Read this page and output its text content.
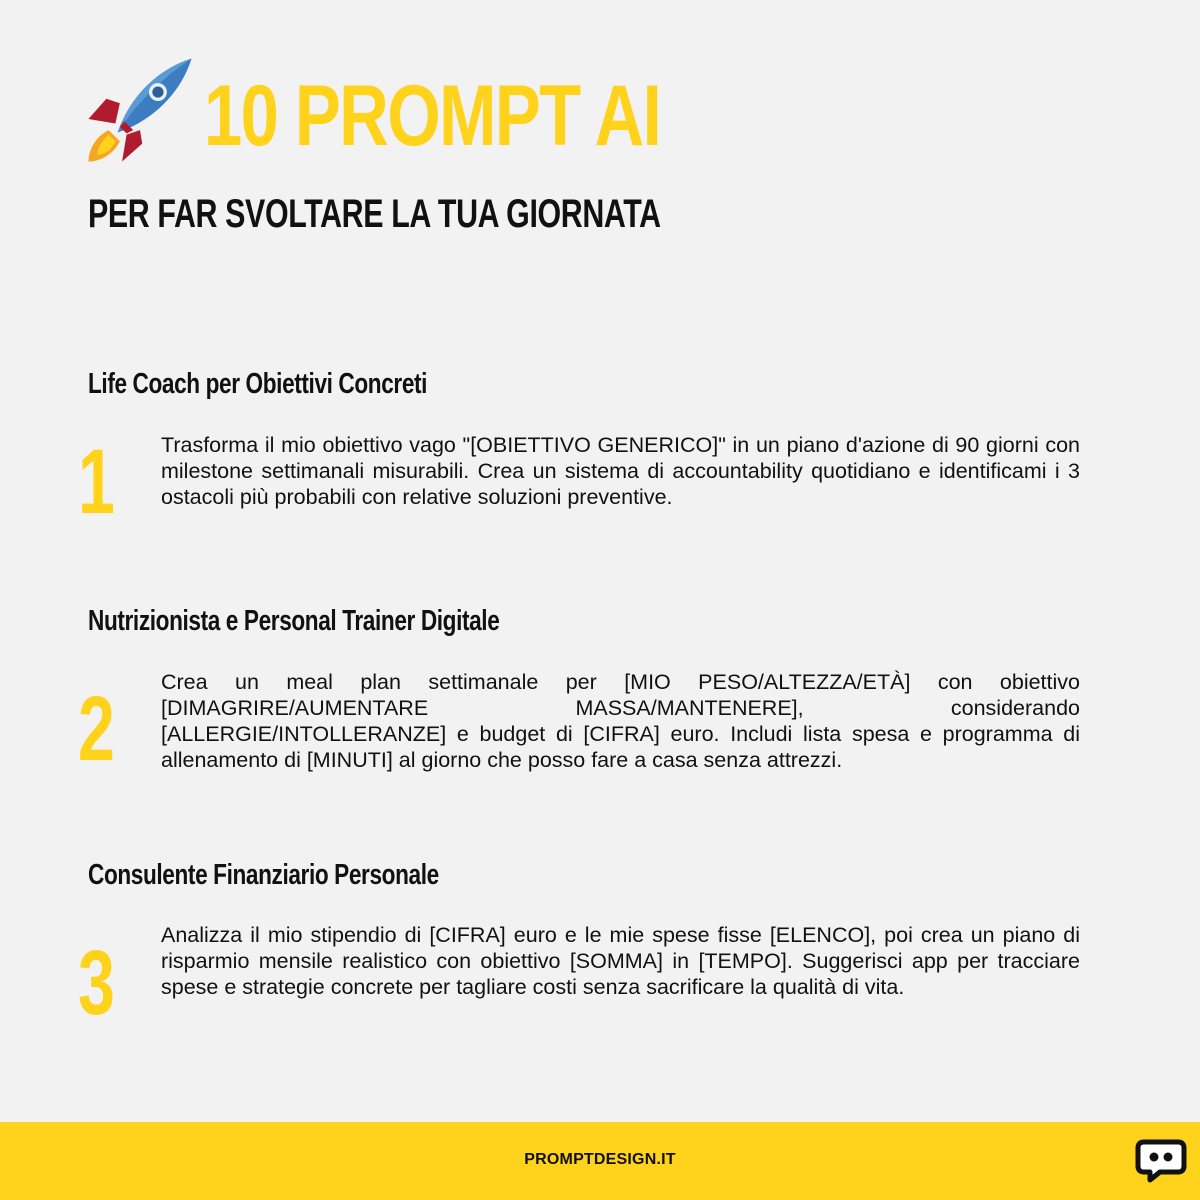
10 PROMPT AI
PER FAR SVOLTARE LA TUA GIORNATA
Life Coach per Obiettivi Concreti
1 Trasforma il mio obiettivo vago "[OBIETTIVO GENERICO]" in un piano d'azione di 90 giorni con milestone settimanali misurabili. Crea un sistema di accountability quotidiano e identificami i 3 ostacoli più probabili con relative soluzioni preventive.
Nutrizionista e Personal Trainer Digitale
2 Crea un meal plan settimanale per [MIO PESO/ALTEZZA/ETÀ] con obiettivo [DIMAGRIRE/AUMENTARE MASSA/MANTENERE], considerando [ALLERGIE/INTOLLERANZE] e budget di [CIFRA] euro. Includi lista spesa e programma di allenamento di [MINUTI] al giorno che posso fare a casa senza attrezzi.
Consulente Finanziario Personale
3 Analizza il mio stipendio di [CIFRA] euro e le mie spese fisse [ELENCO], poi crea un piano di risparmio mensile realistico con obiettivo [SOMMA] in [TEMPO]. Suggerisci app per tracciare spese e strategie concrete per tagliare costi senza sacrificare la qualità di vita.
PROMPTDESIGN.IT
